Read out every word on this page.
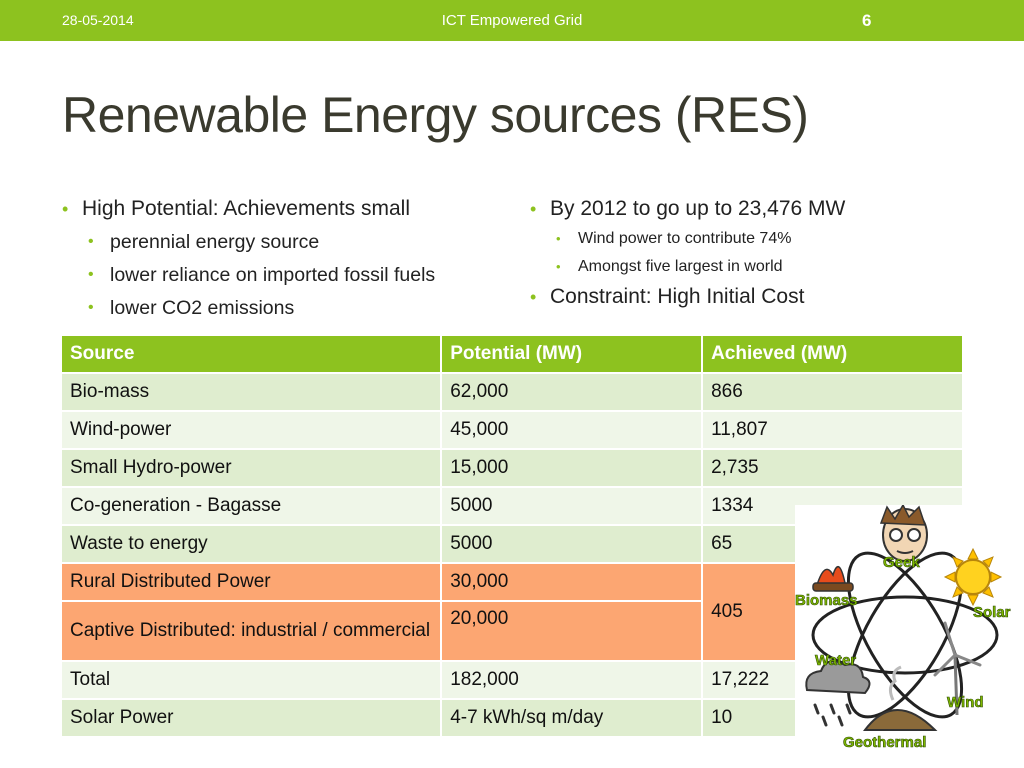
28-05-2014	ICT Empowered Grid	6
Renewable Energy sources (RES)
• High Potential: Achievements small
• perennial energy source
• lower reliance on imported fossil fuels
• lower CO2 emissions
• By 2012 to go up to 23,476 MW
• Wind power to contribute 74%
• Amongst five largest in world
• Constraint: High Initial Cost
Source	Potential (MW)	Achieved (MW)
Bio-mass	62,000	866
Wind-power	45,000	11,807
Small Hydro-power	15,000	2,735
Co-generation - Bagasse	5000	1334
Waste to energy	5000	65
Rural Distributed Power	30,000	405
Captive Distributed: industrial / commercial	20,000	
Total	182,000	17,222
Solar Power	4-7 kWh/sq m/day	10
Geek
Biomass
Solar
Water
Wind
Geothermal
